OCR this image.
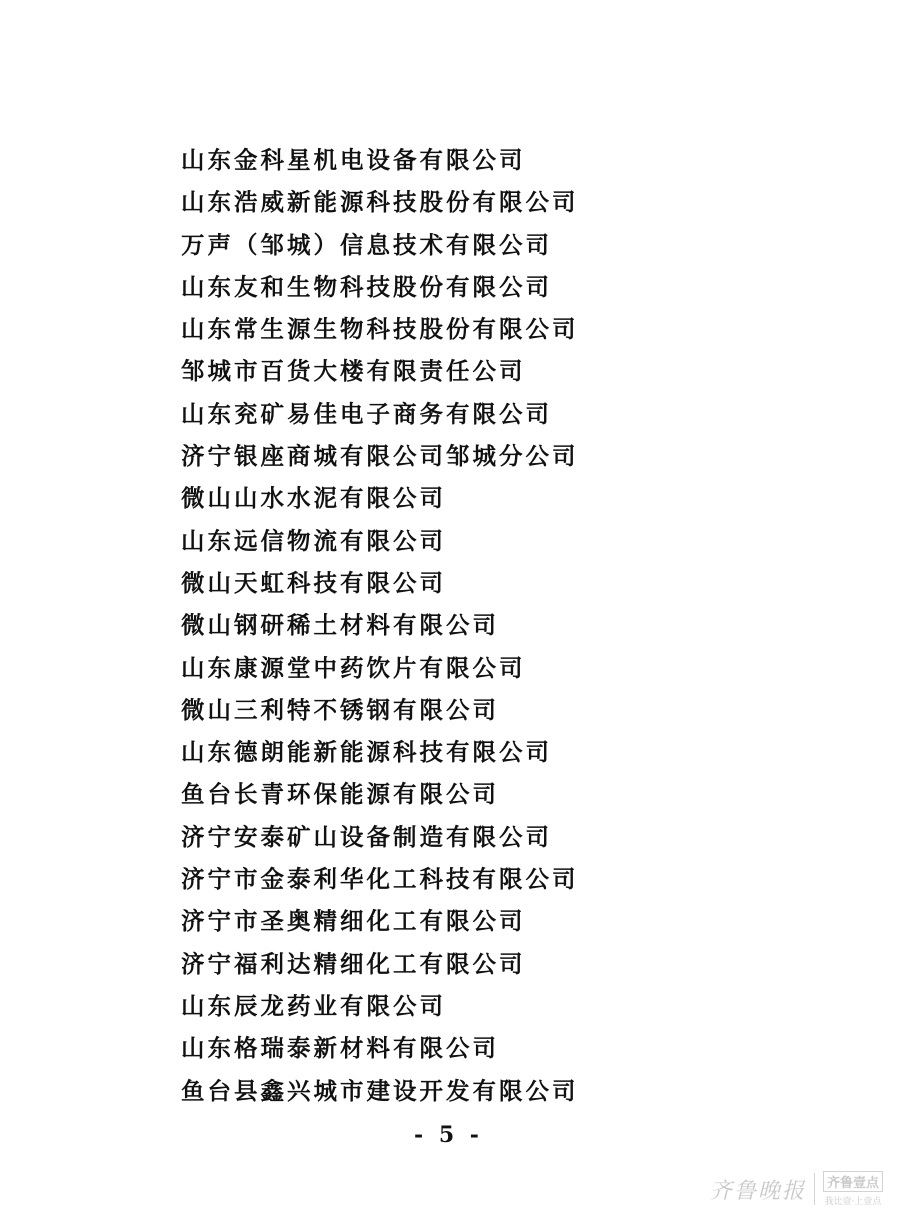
山东金科星机电设备有限公司
山东浩威新能源科技股份有限公司
万声（邹城）信息技术有限公司
山东友和生物科技股份有限公司
山东常生源生物科技股份有限公司
邹城市百货大楼有限责任公司
山东兖矿易佳电子商务有限公司
济宁银座商城有限公司邹城分公司
微山山水水泥有限公司
山东远信物流有限公司
微山天虹科技有限公司
微山钢研稀土材料有限公司
山东康源堂中药饮片有限公司
微山三利特不锈钢有限公司
山东德朗能新能源科技有限公司
鱼台长青环保能源有限公司
济宁安泰矿山设备制造有限公司
济宁市金泰利华化工科技有限公司
济宁市圣奥精细化工有限公司
济宁福利达精细化工有限公司
山东辰龙药业有限公司
山东格瑞泰新材料有限公司
鱼台县鑫兴城市建设开发有限公司
- 5 -
齐鲁晚报	齐鲁壹点
我比壹·上壹点
